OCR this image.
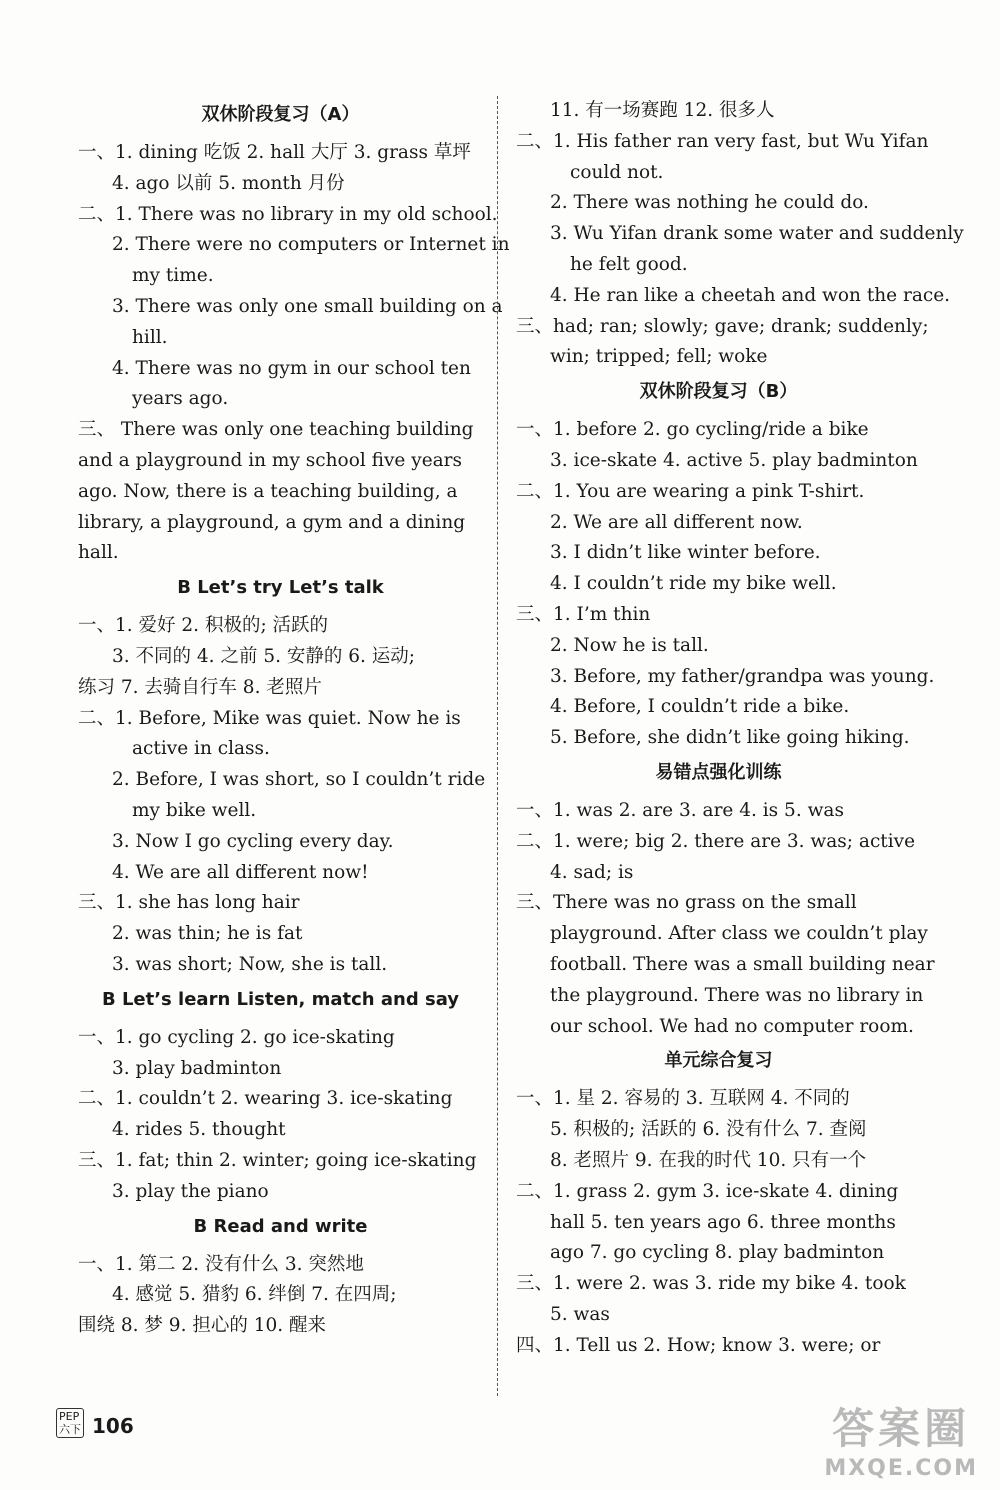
双休阶段复习（A）
一、1. dining 吃饭 2. hall 大厅 3. grass 草坪
4. ago 以前 5. month 月份
二、1. There was no library in my old school.
2. There were no computers or Internet in
my time.
3. There was only one small building on a
hill.
4. There was no gym in our school ten
years ago.
三、 There was only one teaching building
and a playground in my school five years
ago. Now, there is a teaching building, a
library, a playground, a gym and a dining
hall.
B Let’s try Let’s talk
一、1. 爱好 2. 积极的; 活跃的
3. 不同的 4. 之前 5. 安静的 6. 运动;
练习 7. 去骑自行车 8. 老照片
二、1. Before, Mike was quiet. Now he is
active in class.
2. Before, I was short, so I couldn’t ride
my bike well.
3. Now I go cycling every day.
4. We are all different now!
三、1. she has long hair
2. was thin; he is fat
3. was short; Now, she is tall.
B Let’s learn Listen, match and say
一、1. go cycling 2. go ice-skating
3. play badminton
二、1. couldn’t 2. wearing 3. ice-skating
4. rides 5. thought
三、1. fat; thin 2. winter; going ice-skating
3. play the piano
B Read and write
一、1. 第二 2. 没有什么 3. 突然地
4. 感觉 5. 猎豹 6. 绊倒 7. 在四周;
围绕 8. 梦 9. 担心的 10. 醒来
11. 有一场赛跑 12. 很多人
二、1. His father ran very fast, but Wu Yifan
could not.
2. There was nothing he could do.
3. Wu Yifan drank some water and suddenly
he felt good.
4. He ran like a cheetah and won the race.
三、had; ran; slowly; gave; drank; suddenly;
win; tripped; fell; woke
双休阶段复习（B）
一、1. before 2. go cycling/ride a bike
3. ice-skate 4. active 5. play badminton
二、1. You are wearing a pink T-shirt.
2. We are all different now.
3. I didn’t like winter before.
4. I couldn’t ride my bike well.
三、1. I’m thin
2. Now he is tall.
3. Before, my father/grandpa was young.
4. Before, I couldn’t ride a bike.
5. Before, she didn’t like going hiking.
易错点强化训练
一、1. was 2. are 3. are 4. is 5. was
二、1. were; big 2. there are 3. was; active
4. sad; is
三、There was no grass on the small
playground. After class we couldn’t play
football. There was a small building near
the playground. There was no library in
our school. We had no computer room.
单元综合复习
一、1. 星 2. 容易的 3. 互联网 4. 不同的
5. 积极的; 活跃的 6. 没有什么 7. 查阅
8. 老照片 9. 在我的时代 10. 只有一个
二、1. grass 2. gym 3. ice-skate 4. dining
hall 5. ten years ago 6. three months
ago 7. go cycling 8. play badminton
三、1. were 2. was 3. ride my bike 4. took
5. was
四、1. Tell us 2. How; know 3. were; or
PEP
六下 106	答案圈
MXQE.COM
